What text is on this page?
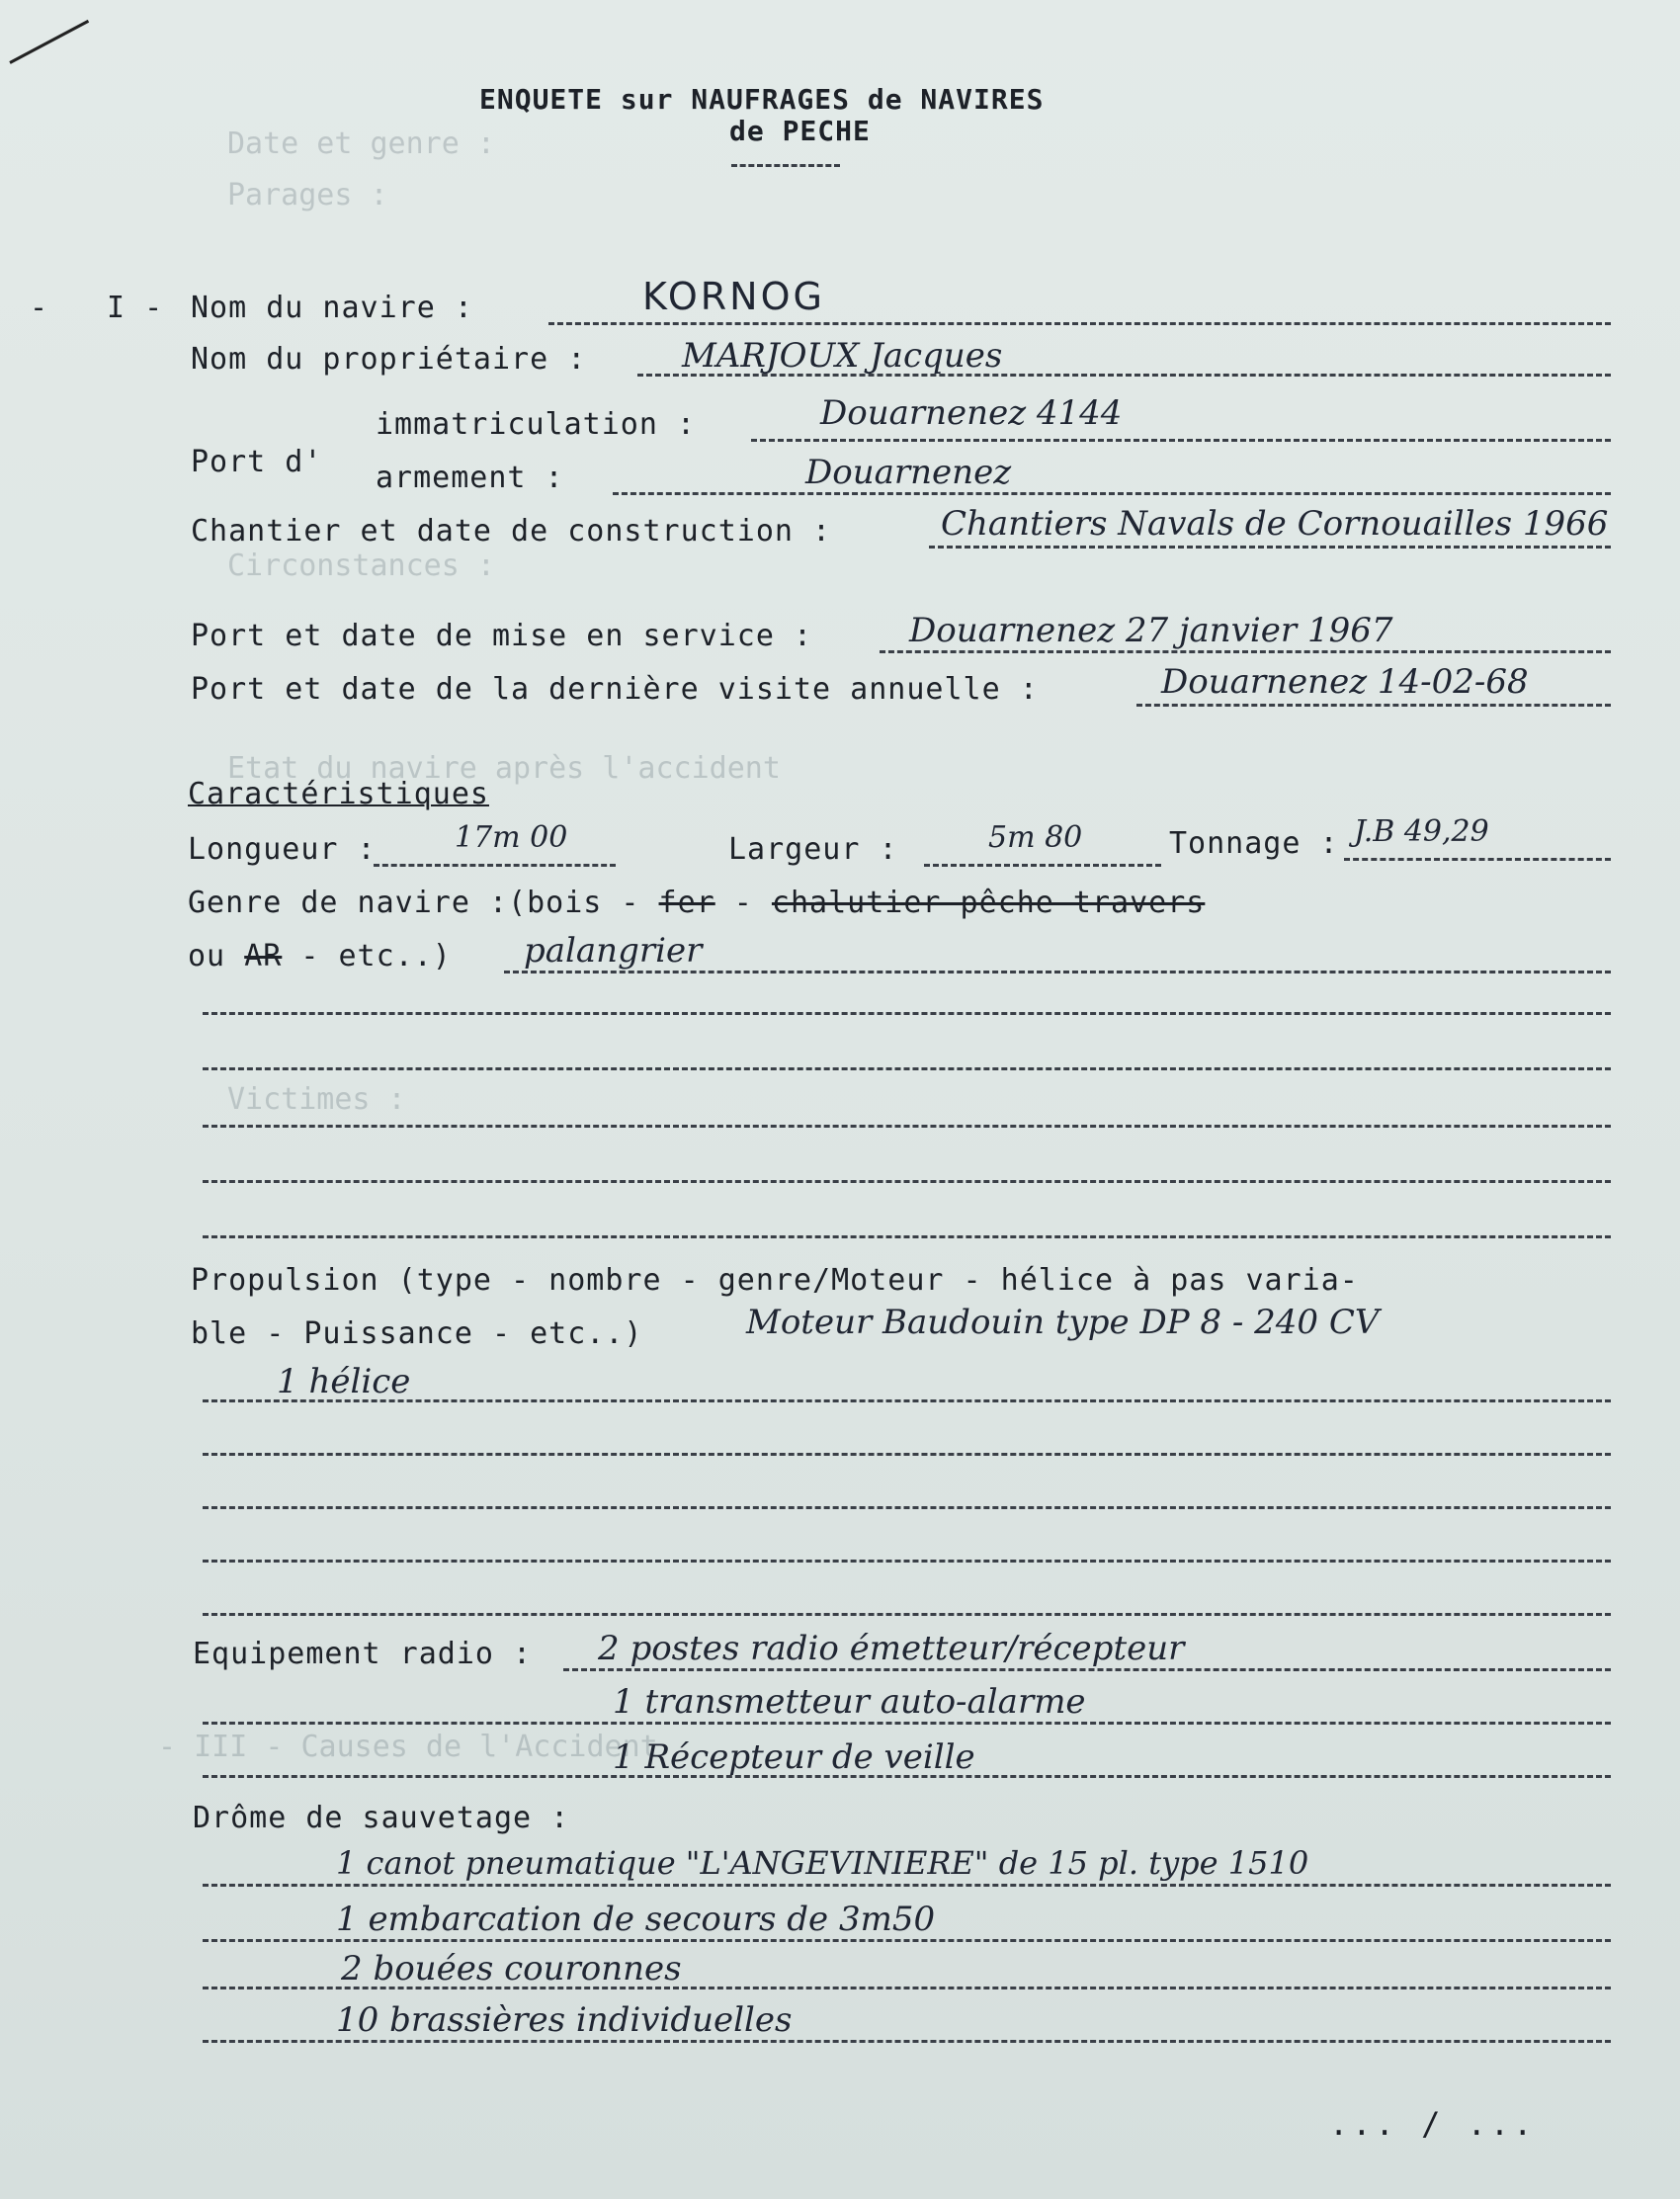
Date et genre :
Parages :
Circonstances :
Etat du navire après l'accident
Victimes :
- III - Causes de l'Accident
ENQUETE sur NAUFRAGES de NAVIRES
de PECHE
- I - Nom du navire :	KORNOG
Nom du propriétaire :	MARJOUX Jacques
immatriculation :	Douarnenez 4144
Port d' armement :	Douarnenez
Chantier et date de construction :	Chantiers Navals de Cornouailles 1966
Port et date de mise en service :	Douarnenez 27 janvier 1967
Port et date de la dernière visite annuelle :	Douarnenez 14-02-68
Caractéristiques
Longueur :	17m 00	Largeur :	5m 80	Tonnage : J.B 49,29
Genre de navire :(bois - fer - chalutier pêche travers
ou AR - etc..) palangrier
Propulsion (type - nombre - genre/Moteur - hélice à pas varia-
ble - Puissance - etc..)	Moteur Baudouin type DP 8 - 240 CV
1 hélice
Equipement radio : 2 postes radio émetteur/récepteur
1 transmetteur auto-alarme
1 Récepteur de veille
Drôme de sauvetage :
1 canot pneumatique "L'ANGEVINIERE" de 15 pl. type 1510
1 embarcation de secours de 3m50
2 bouées couronnes
10 brassières individuelles
... / ...
